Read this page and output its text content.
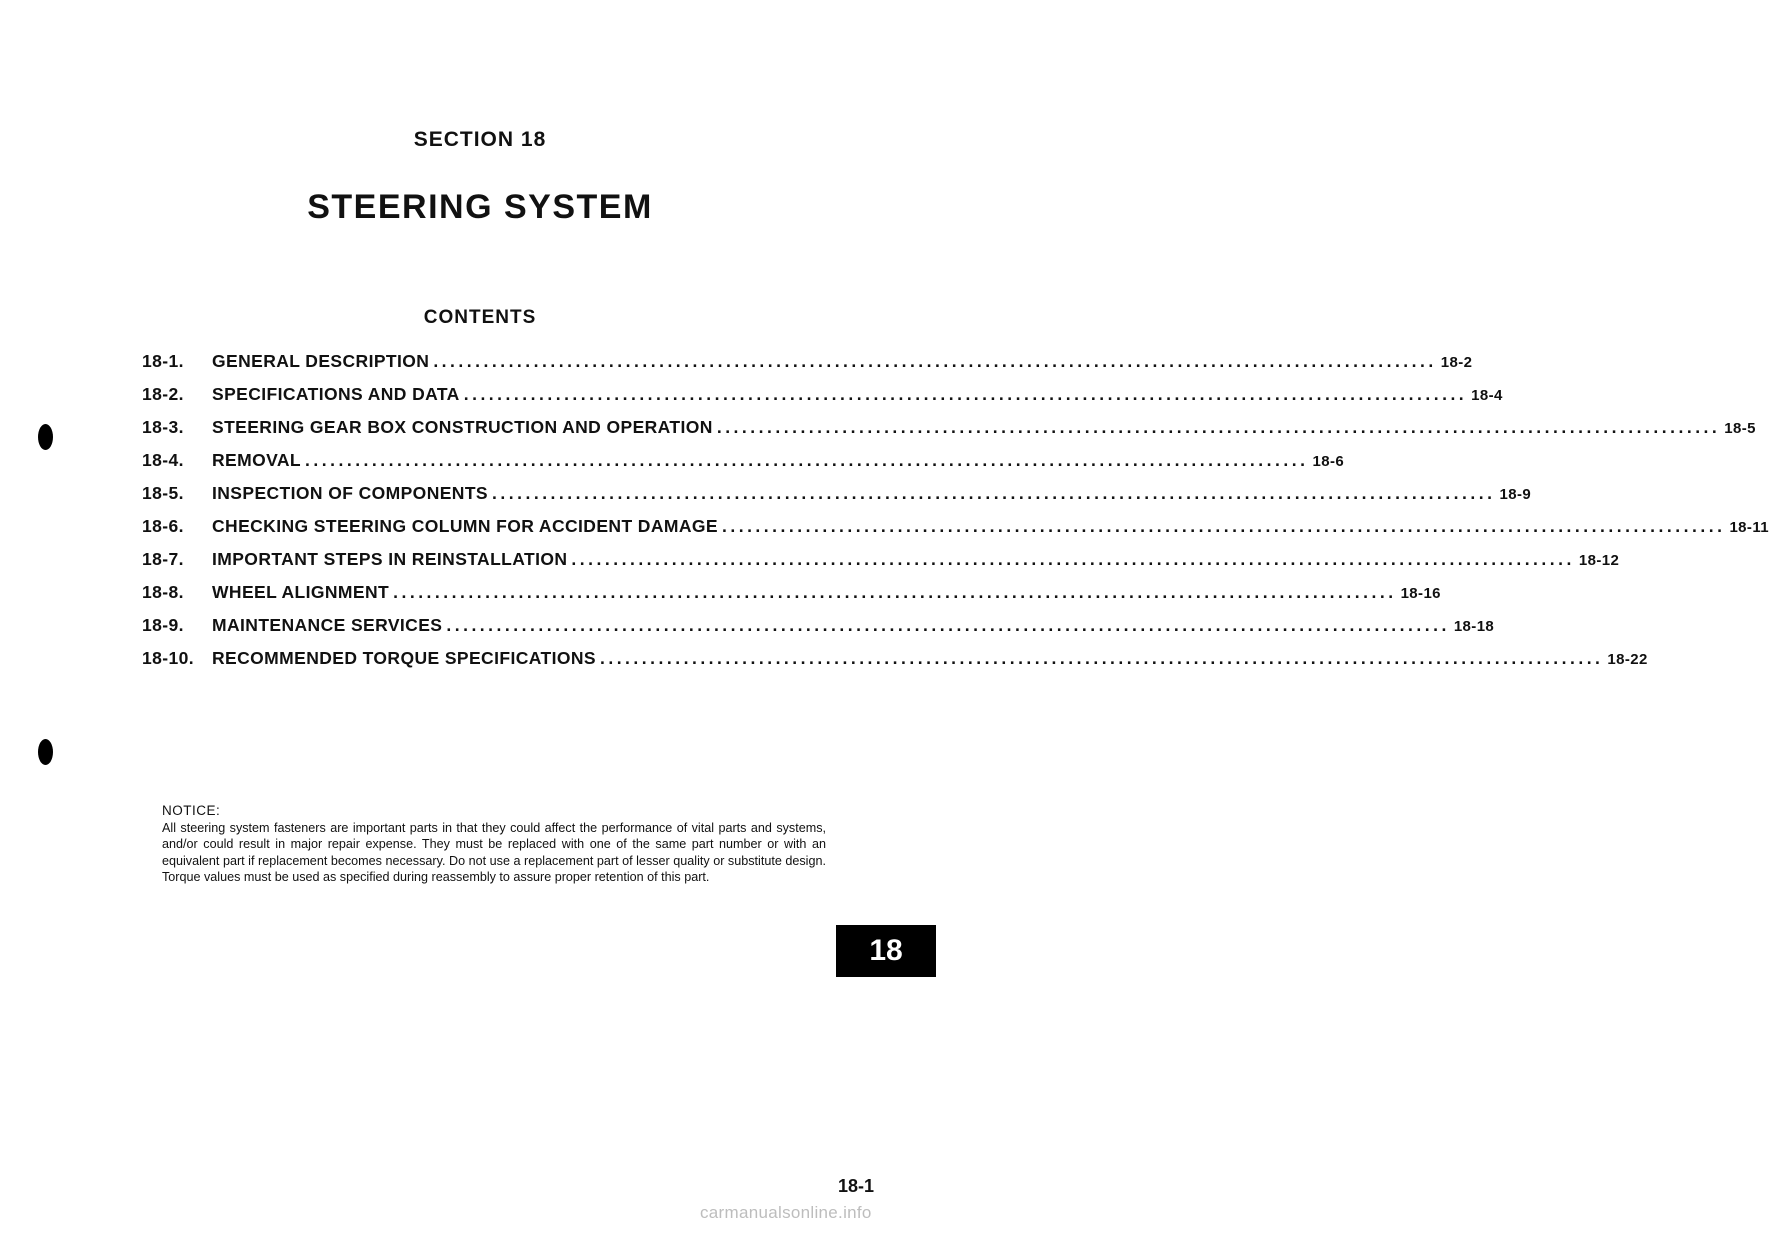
SECTION 18
STEERING SYSTEM
CONTENTS
18-1.	GENERAL DESCRIPTION ........................................................................................................................ 18-2
18-2.	SPECIFICATIONS AND DATA ........................................................................................................................ 18-4
18-3.	STEERING GEAR BOX CONSTRUCTION AND OPERATION ........................................................................................................................ 18-5
18-4.	REMOVAL ........................................................................................................................ 18-6
18-5.	INSPECTION OF COMPONENTS ........................................................................................................................ 18-9
18-6.	CHECKING STEERING COLUMN FOR ACCIDENT DAMAGE ........................................................................................................................ 18-11
18-7.	IMPORTANT STEPS IN REINSTALLATION ........................................................................................................................ 18-12
18-8.	WHEEL ALIGNMENT ........................................................................................................................ 18-16
18-9.	MAINTENANCE SERVICES ........................................................................................................................ 18-18
18-10.	RECOMMENDED TORQUE SPECIFICATIONS ........................................................................................................................ 18-22
NOTICE:
All steering system fasteners are important parts in that they could affect the performance of vital parts and systems, and/or could result in major repair expense. They must be replaced with one of the same part number or with an equivalent part if replacement becomes necessary. Do not use a replacement part of lesser quality or substitute design. Torque values must be used as specified during reassembly to assure proper retention of this part.
18
18-1
carmanualsonline.info
